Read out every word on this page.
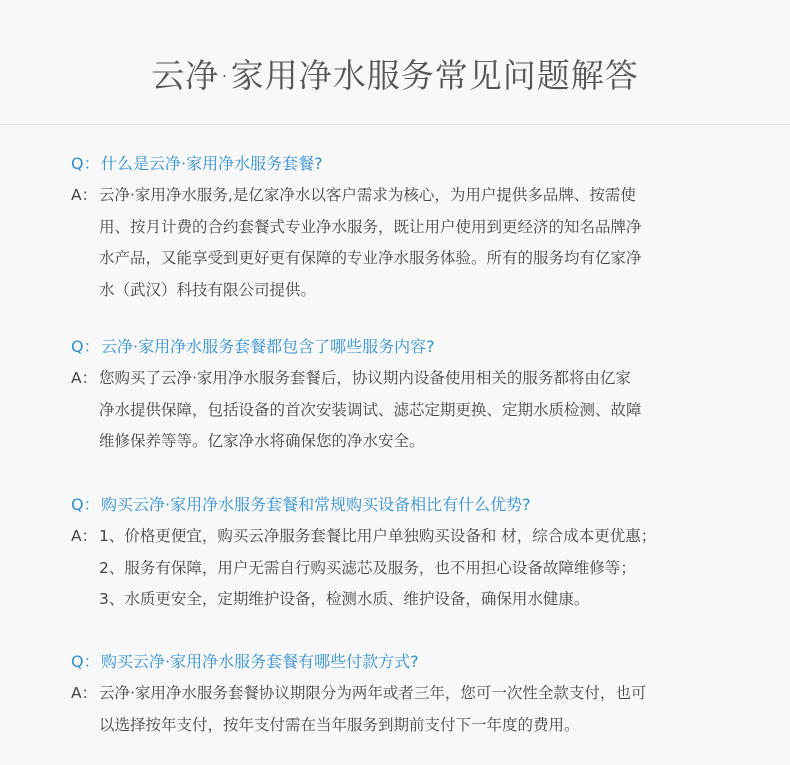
云净·家用净水服务常见问题解答
Q：什么是云净·家用净水服务套餐?
A： 云净·家用净水服务,是亿家净水以客户需求为核心，为用户提供多品牌、按需使
用、按月计费的合约套餐式专业净水服务，既让用户使用到更经济的知名品牌净
水产品，又能享受到更好更有保障的专业净水服务体验。所有的服务均有亿家净
水（武汉）科技有限公司提供。
Q：云净·家用净水服务套餐都包含了哪些服务内容?
A： 您购买了云净·家用净水服务套餐后，协议期内设备使用相关的服务都将由亿家
净水提供保障，包括设备的首次安装调试、滤芯定期更换、定期水质检测、故障
维修保养等等。亿家净水将确保您的净水安全。
Q：购买云净·家用净水服务套餐和常规购买设备相比有什么优势?
A： 1、价格更便宜，购买云净服务套餐比用户单独购买设备和 材，综合成本更优惠；
2、服务有保障，用户无需自行购买滤芯及服务，也不用担心设备故障维修等；
3、水质更安全，定期维护设备，检测水质、维护设备，确保用水健康。
Q：购买云净·家用净水服务套餐有哪些付款方式?
A： 云净·家用净水服务套餐协议期限分为两年或者三年，您可一次性全款支付，也可
以选择按年支付，按年支付需在当年服务到期前支付下一年度的费用。
